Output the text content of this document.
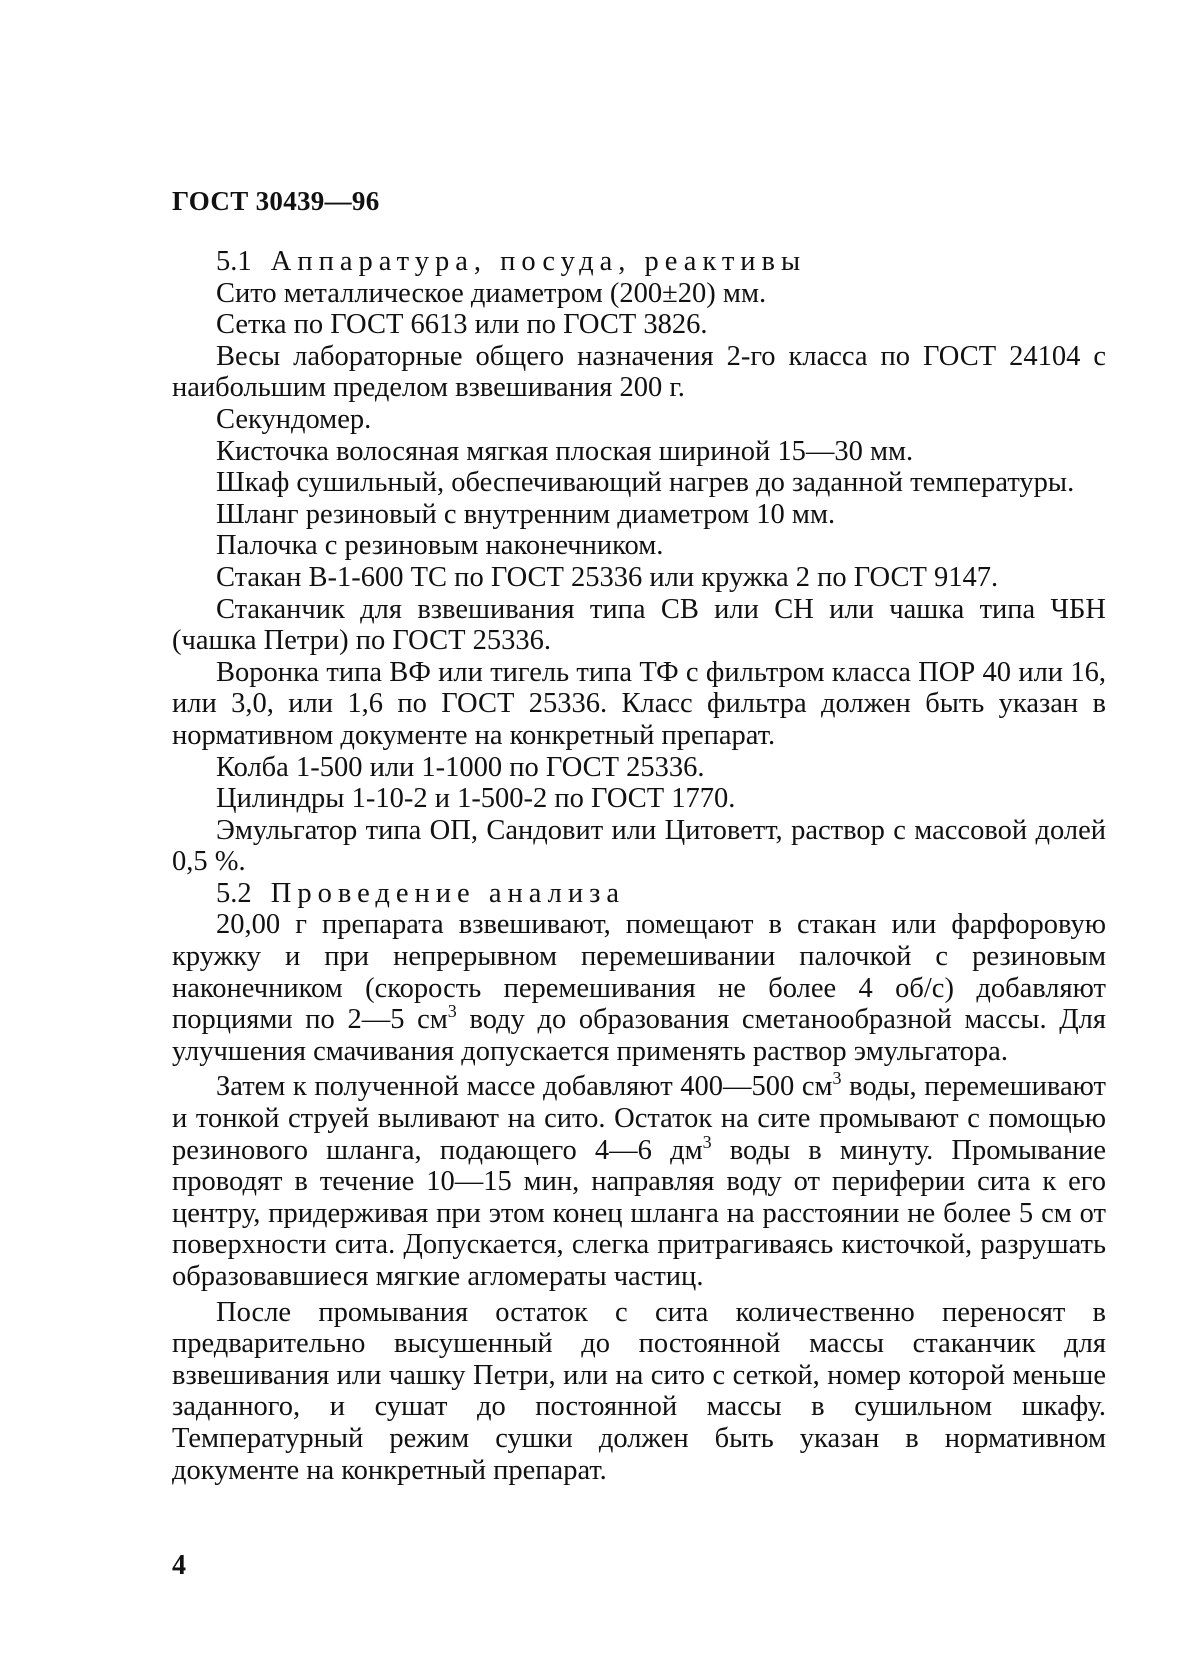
ГОСТ 30439—96

5.1 Аппаратура, посуда, реактивы

Сито металлическое диаметром (200±20) мм.

Сетка по ГОСТ 6613 или по ГОСТ 3826.

Весы лабораторные общего назначения 2-го класса по ГОСТ 24104 с наибольшим пределом взвешивания 200 г.

Секундомер.

Кисточка волосяная мягкая плоская шириной 15—30 мм.

Шкаф сушильный, обеспечивающий нагрев до заданной температуры.

Шланг резиновый с внутренним диаметром 10 мм.

Палочка с резиновым наконечником.

Стакан В-1-600 ТС по ГОСТ 25336 или кружка 2 по ГОСТ 9147.

Стаканчик для взвешивания типа СВ или СН или чашка типа ЧБН (чашка Петри) по ГОСТ 25336.

Воронка типа ВФ или тигель типа ТФ с фильтром класса ПОР 40 или 16, или 3,0, или 1,6 по ГОСТ 25336. Класс фильтра должен быть указан в нормативном документе на конкретный препарат.

Колба 1-500 или 1-1000 по ГОСТ 25336.

Цилиндры 1-10-2 и 1-500-2 по ГОСТ 1770.

Эмульгатор типа ОП, Сандовит или Цитоветт, раствор с массовой долей 0,5 %.

5.2 Проведение анализа

20,00 г препарата взвешивают, помещают в стакан или фарфоровую кружку и при непрерывном перемешивании палочкой с резиновым наконечником (скорость перемешивания не более 4 об/с) добавляют порциями по 2—5 $см^3$ воду до образования сметанообразной массы. Для улучшения смачивания допускается применять раствор эмульгатора.

Затем к полученной массе добавляют 400—500 $см^3$ воды, перемешивают и тонкой струей выливают на сито. Остаток на сите промывают с помощью резинового шланга, подающего 4—6 $дм^3$ воды в минуту. Промывание проводят в течение 10—15 мин, направляя воду от периферии сита к его центру, придерживая при этом конец шланга на расстоянии не более 5 см от поверхности сита. Допускается, слегка притрагиваясь кисточкой, разрушать образовавшиеся мягкие агломераты частиц.

После промывания остаток с сита количественно переносят в предварительно высушенный до постоянной массы стаканчик для взвешивания или чашку Петри, или на сито с сеткой, номер которой меньше заданного, и сушат до постоянной массы в сушильном шкафу. Температурный режим сушки должен быть указан в нормативном документе на конкретный препарат.

4
